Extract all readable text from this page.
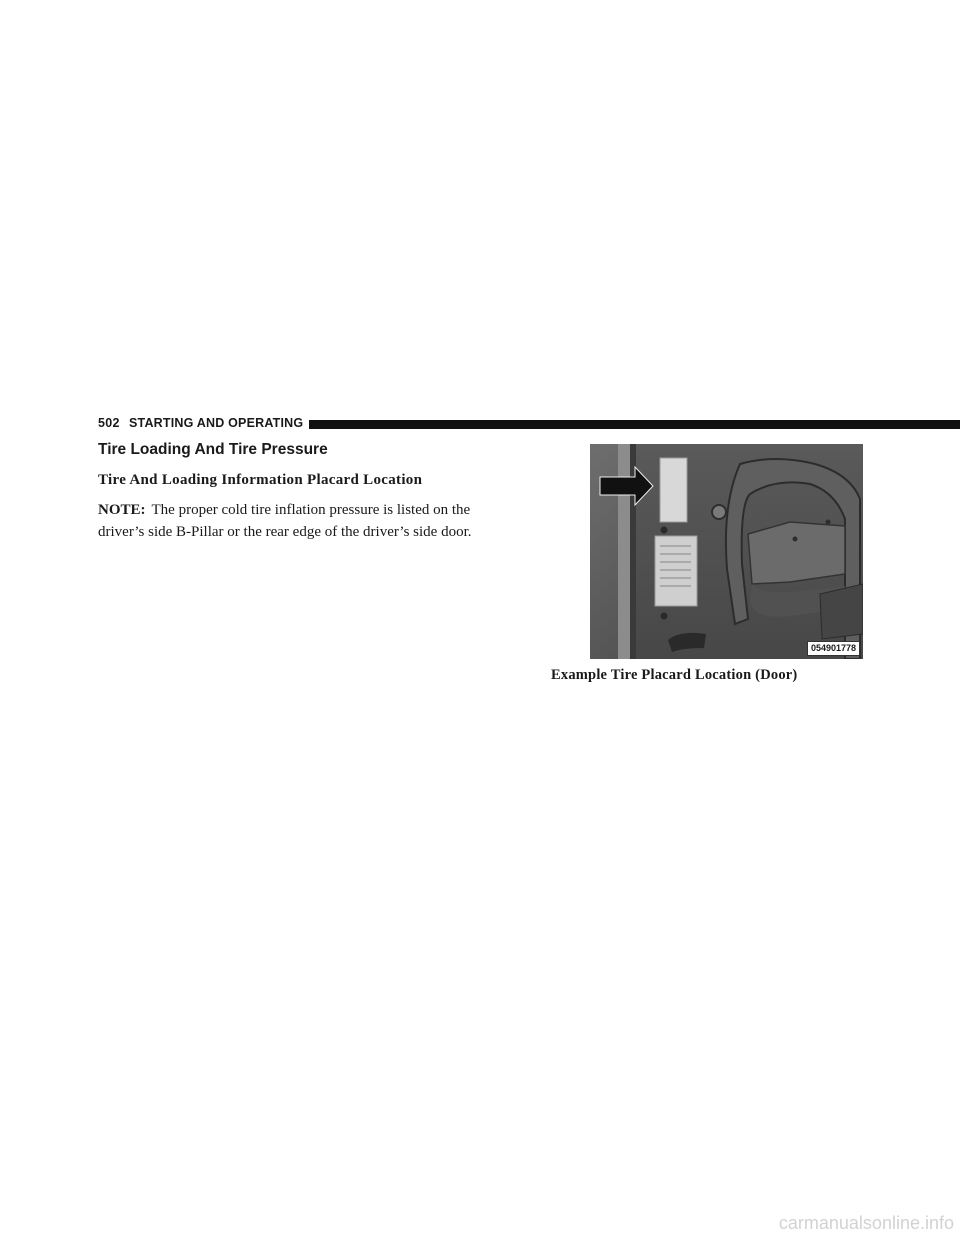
502 STARTING AND OPERATING
Tire Loading And Tire Pressure
Tire And Loading Information Placard Location
NOTE: The proper cold tire inflation pressure is listed on the driver’s side B-Pillar or the rear edge of the driver’s side door.
054901778
Example Tire Placard Location (Door)
carmanualsonline.info
